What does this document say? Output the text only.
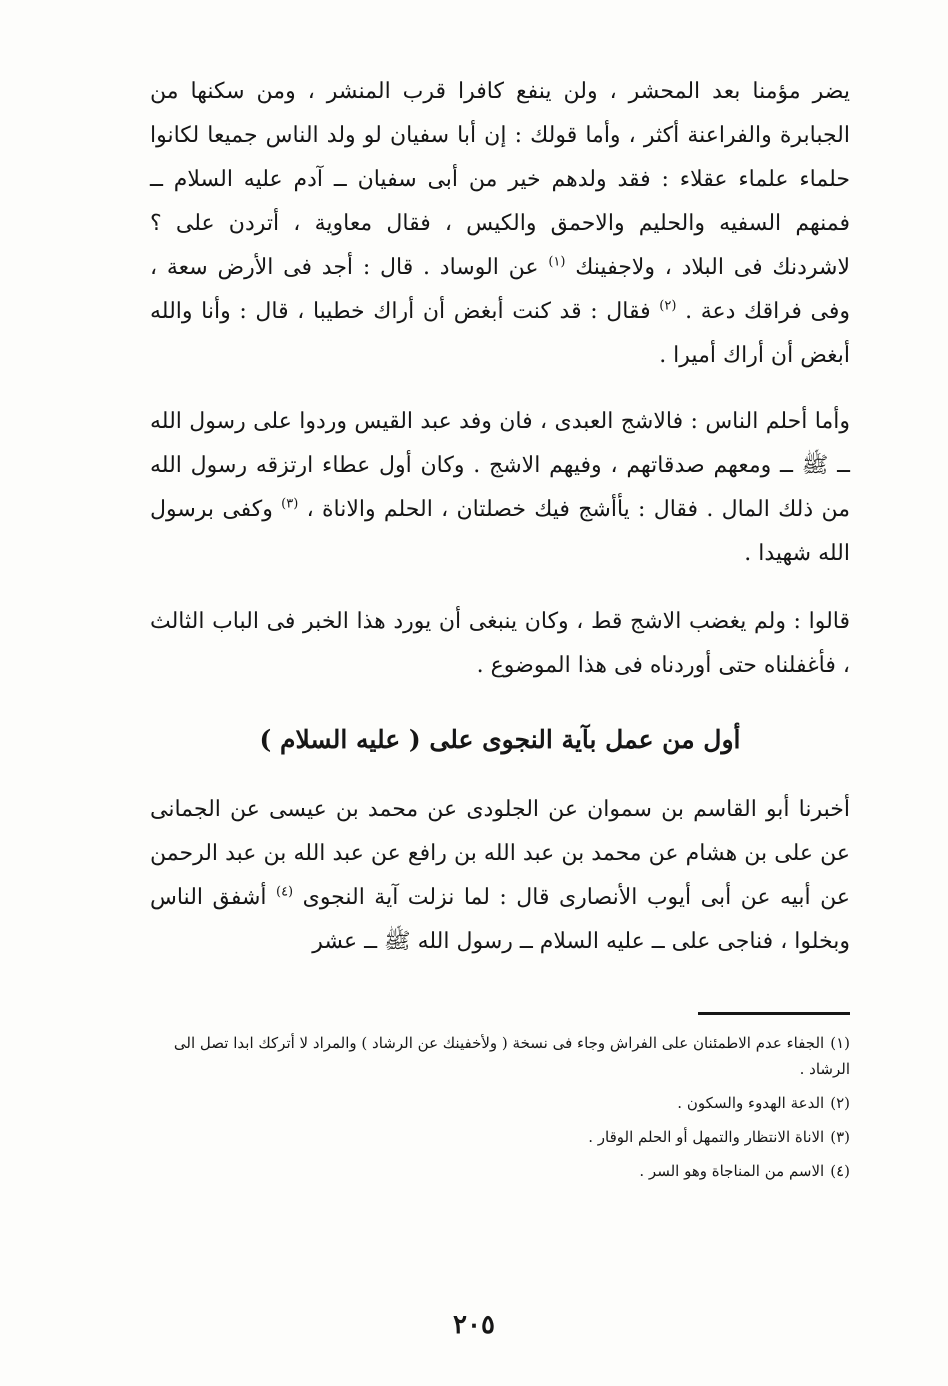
يضر مؤمنا بعد المحشر ، ولن ينفع كافرا قرب المنشر ، ومن سكنها من الجبابرة والفراعنة أكثر ، وأما قولك : إن أبا سفيان لو ولد الناس جميعا لكانوا حلماء علماء عقلاء : فقد ولدهم خير من أبى سفيان ــ آدم عليه السلام ــ فمنهم السفيه والحليم والاحمق والكيس ، فقال معاوية ، أتردن على ؟ لاشردنك فى البلاد ، ولاجفينك $^{(١)}$ عن الوساد . قال : أجد فى الأرض سعة ، وفى فراقك دعة . $^{(٢)}$ فقال : قد كنت أبغض أن أراك خطيبا ، قال : وأنا والله أبغض أن أراك أميرا .
وأما أحلم الناس : فالاشج العبدى ، فان وفد عبد القيس وردوا على رسول الله ــ ﷺ ــ ومعهم صدقاتهم ، وفيهم الاشج . وكان أول عطاء ارتزقه رسول الله من ذلك المال . فقال : يأأشج فيك خصلتان ، الحلم والاناة ، $^{(٣)}$ وكفى برسول الله شهيدا .
قالوا : ولم يغضب الاشج قط ، وكان ينبغى أن يورد هذا الخبر فى الباب الثالث ، فأغفلناه حتى أوردناه فى هذا الموضوع .
أول من عمل بآية النجوى على ( عليه السلام )
أخبرنا أبو القاسم بن سموان عن الجلودى عن محمد بن عيسى عن الجمانى عن على بن هشام عن محمد بن عبد الله بن رافع عن عبد الله بن عبد الرحمن عن أبيه عن أبى أيوب الأنصارى قال : لما نزلت آية النجوى $^{(٤)}$ أشفق الناس وبخلوا ، فناجى على ــ عليه السلام ــ رسول الله ﷺ ــ عشر
(١)الجفاء عدم الاطمئنان على الفراش وجاء فى نسخة ( ولأخفينك عن الرشاد ) والمراد لا أتركك ابدا تصل الى الرشاد .
(٢)الدعة الهدوء والسكون .
(٣)الاناة الانتظار والتمهل أو الحلم الوقار .
(٤)الاسم من المناجاة وهو السر .
٢٠٥
